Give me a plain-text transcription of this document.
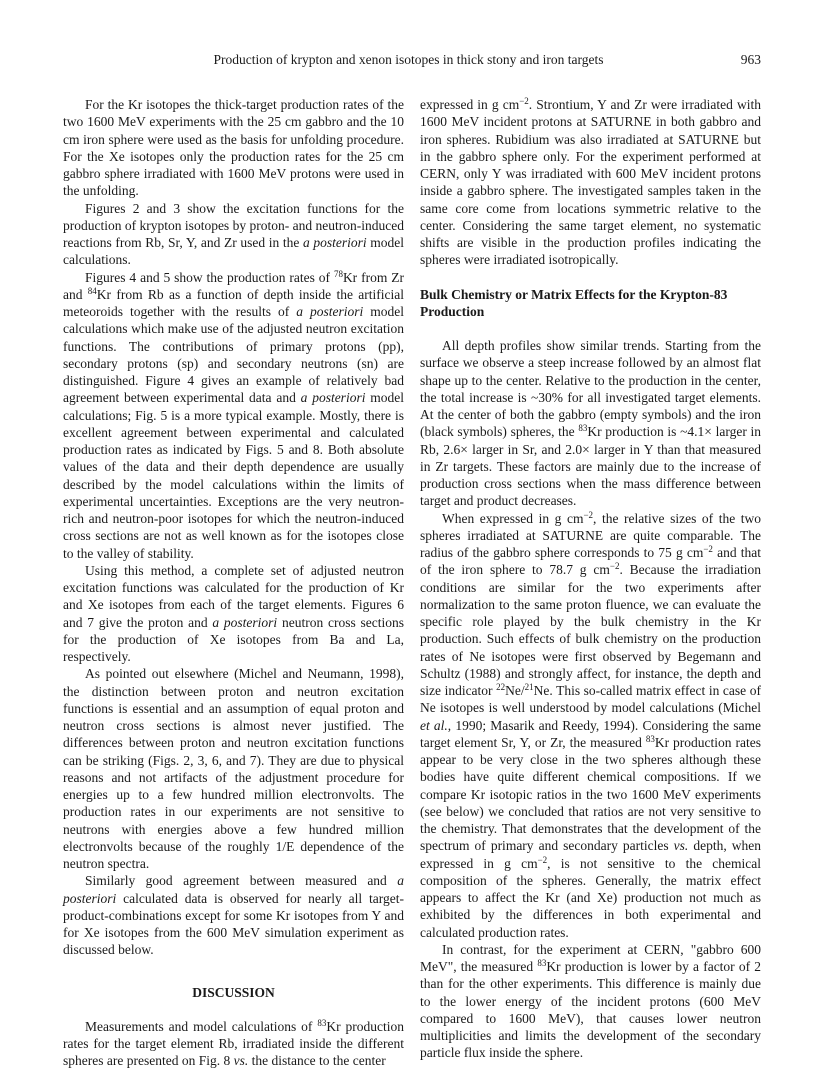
Production of krypton and xenon isotopes in thick stony and iron targets	963

For the Kr isotopes the thick-target production rates of the two 1600 MeV experiments with the 25 cm gabbro and the 10 cm iron sphere were used as the basis for unfolding procedure. For the Xe isotopes only the production rates for the 25 cm gabbro sphere irradiated with 1600 MeV protons were used in the unfolding.

Figures 2 and 3 show the excitation functions for the production of krypton isotopes by proton- and neutron-induced reactions from Rb, Sr, Y, and Zr used in the a posteriori model calculations.

Figures 4 and 5 show the production rates of $^{78}$Kr from Zr and $^{84}$Kr from Rb as a function of depth inside the artificial meteoroids together with the results of a posteriori model calculations which make use of the adjusted neutron excitation functions. The contributions of primary protons (pp), secondary protons (sp) and secondary neutrons (sn) are distinguished. Figure 4 gives an example of relatively bad agreement between experimental data and a posteriori model calculations; Fig. 5 is a more typical example. Mostly, there is excellent agreement between experimental and calculated production rates as indicated by Figs. 5 and 8. Both absolute values of the data and their depth dependence are usually described by the model calculations within the limits of experimental uncertainties. Exceptions are the very neutron-rich and neutron-poor isotopes for which the neutron-induced cross sections are not as well known as for the isotopes close to the valley of stability.

Using this method, a complete set of adjusted neutron excitation functions was calculated for the production of Kr and Xe isotopes from each of the target elements. Figures 6 and 7 give the proton and a posteriori neutron cross sections for the production of Xe isotopes from Ba and La, respectively.

As pointed out elsewhere (Michel and Neumann, 1998), the distinction between proton and neutron excitation functions is essential and an assumption of equal proton and neutron cross sections is almost never justified. The differences between proton and neutron excitation functions can be striking (Figs. 2, 3, 6, and 7). They are due to physical reasons and not artifacts of the adjustment procedure for energies up to a few hundred million electronvolts. The production rates in our experiments are not sensitive to neutrons with energies above a few hundred million electronvolts because of the roughly 1/E dependence of the neutron spectra.

Similarly good agreement between measured and a posteriori calculated data is observed for nearly all target-product-combinations except for some Kr isotopes from Y and for Xe isotopes from the 600 MeV simulation experiment as discussed below.

DISCUSSION

Measurements and model calculations of $^{83}$Kr production rates for the target element Rb, irradiated inside the different spheres are presented on Fig. 8 vs. the distance to the center

expressed in g $cm^{-2}$. Strontium, Y and Zr were irradiated with 1600 MeV incident protons at SATURNE in both gabbro and iron spheres. Rubidium was also irradiated at SATURNE but in the gabbro sphere only. For the experiment performed at CERN, only Y was irradiated with 600 MeV incident protons inside a gabbro sphere. The investigated samples taken in the same core come from locations symmetric relative to the center. Considering the same target element, no systematic shifts are visible in the production profiles indicating the spheres were irradiated isotropically.

Bulk Chemistry or Matrix Effects for the Krypton-83 Production

All depth profiles show similar trends. Starting from the surface we observe a steep increase followed by an almost flat shape up to the center. Relative to the production in the center, the total increase is ~30% for all investigated target elements. At the center of both the gabbro (empty symbols) and the iron (black symbols) spheres, the $^{83}$Kr production is ~4.1× larger in Rb, 2.6× larger in Sr, and 2.0× larger in Y than that measured in Zr targets. These factors are mainly due to the increase of production cross sections when the mass difference between target and product decreases.

When expressed in g $cm^{-2}$, the relative sizes of the two spheres irradiated at SATURNE are quite comparable. The radius of the gabbro sphere corresponds to 75 g $cm^{-2}$ and that of the iron sphere to 78.7 g $cm^{-2}$. Because the irradiation conditions are similar for the two experiments after normalization to the same proton fluence, we can evaluate the specific role played by the bulk chemistry in the Kr production. Such effects of bulk chemistry on the production rates of Ne isotopes were first observed by Begemann and Schultz (1988) and strongly affect, for instance, the depth and size indicator $^{22}$Ne/$^{21}$Ne. This so-called matrix effect in case of Ne isotopes is well understood by model calculations (Michel et al., 1990; Masarik and Reedy, 1994). Considering the same target element Sr, Y, or Zr, the measured $^{83}$Kr production rates appear to be very close in the two spheres although these bodies have quite different chemical compositions. If we compare Kr isotopic ratios in the two 1600 MeV experiments (see below) we concluded that ratios are not very sensitive to the chemistry. That demonstrates that the development of the spectrum of primary and secondary particles vs. depth, when expressed in g $cm^{-2}$, is not sensitive to the chemical composition of the spheres. Generally, the matrix effect appears to affect the Kr (and Xe) production not much as exhibited by the differences in both experimental and calculated production rates.

In contrast, for the experiment at CERN, "gabbro 600 MeV", the measured $^{83}$Kr production is lower by a factor of 2 than for the other experiments. This difference is mainly due to the lower energy of the incident protons (600 MeV compared to 1600 MeV), that causes lower neutron multiplicities and limits the development of the secondary particle flux inside the sphere.
